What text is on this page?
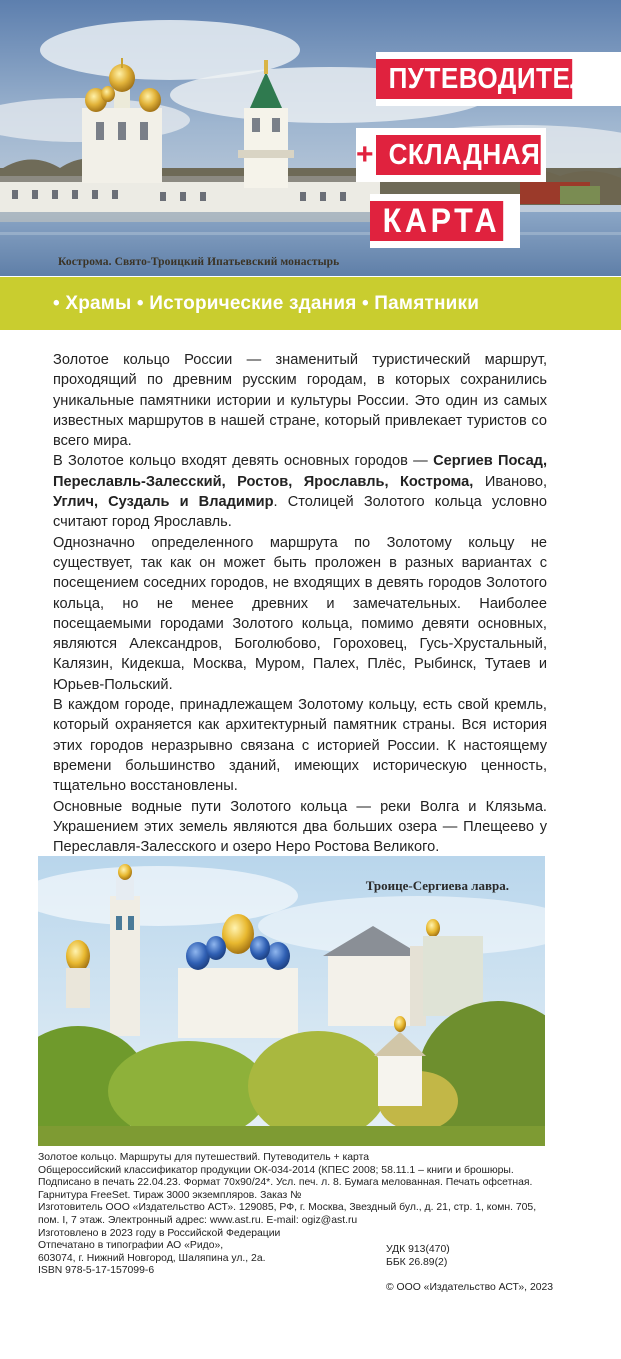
ПУТЕВОДИТЕЛЬ
+ СКЛАДНАЯ
КАРТА
Кострома. Свято-Троицкий Ипатьевский монастырь
• Храмы • Исторические здания • Памятники

Золотое кольцо России — знаменитый туристический маршрут, проходящий по древним русским городам, в которых сохранились уникальные памятники истории и культуры России. Это один из самых известных маршрутов в нашей стране, который привлекает туристов со всего мира.

В Золотое кольцо входят девять основных городов — Сергиев Посад, Переславль-Залесский, Ростов, Ярославль, Кострома, Иваново, Углич, Суздаль и Владимир. Столицей Золотого кольца условно считают город Ярославль.

Однозначно определенного маршрута по Золотому кольцу не существует, так как он может быть проложен в разных вариантах с посещением соседних городов, не входящих в девять городов Золотого кольца, но не менее древних и замечательных. Наиболее посещаемыми городами Золотого кольца, помимо девяти основных, являются Александров, Боголюбово, Гороховец, Гусь-Хрустальный, Калязин, Кидекша, Москва, Муром, Палех, Плёс, Рыбинск, Тутаев и Юрьев-Польский.

В каждом городе, принадлежащем Золотому кольцу, есть свой кремль, который охраняется как архитектурный памятник страны. Вся история этих городов неразрывно связана с историей России. К настоящему времени большинство зданий, имеющих историческую ценность, тщательно восстановлены.

Основные водные пути Золотого кольца — реки Волга и Клязьма. Украшением этих земель являются два больших озера — Плещеево у Переславля-Залесского и озеро Неро Ростова Великого.

Троице-Сергиева лавра.
Золотое кольцо. Маршруты для путешествий. Путеводитель + карта
Общероссийский классификатор продукции ОК-034-2014 (КПЕС 2008; 58.11.1 – книги и брошюры.
Подписано в печать 22.04.23. Формат 70х90/24*. Усл. печ. л. 8. Бумага мелованная. Печать офсетная.
Гарнитура FreeSet. Тираж 3000 экземпляров. Заказ №
Изготовитель ООО «Издательство АСТ». 129085, РФ, г. Москва, Звездный бул., д. 21, стр. 1, комн. 705,
пом. I, 7 этаж. Электронный адрес: www.ast.ru. E-mail: ogiz@ast.ru
Изготовлено в 2023 году в Российской Федерации
Отпечатано в типографии АО «Ридо»,
603074, г. Нижний Новгород, Шаляпина ул., 2а.
ISBN 978-5-17-157099-6
УДК 913(470)
ББК 26.89(2)
© ООО «Издательство АСТ», 2023
